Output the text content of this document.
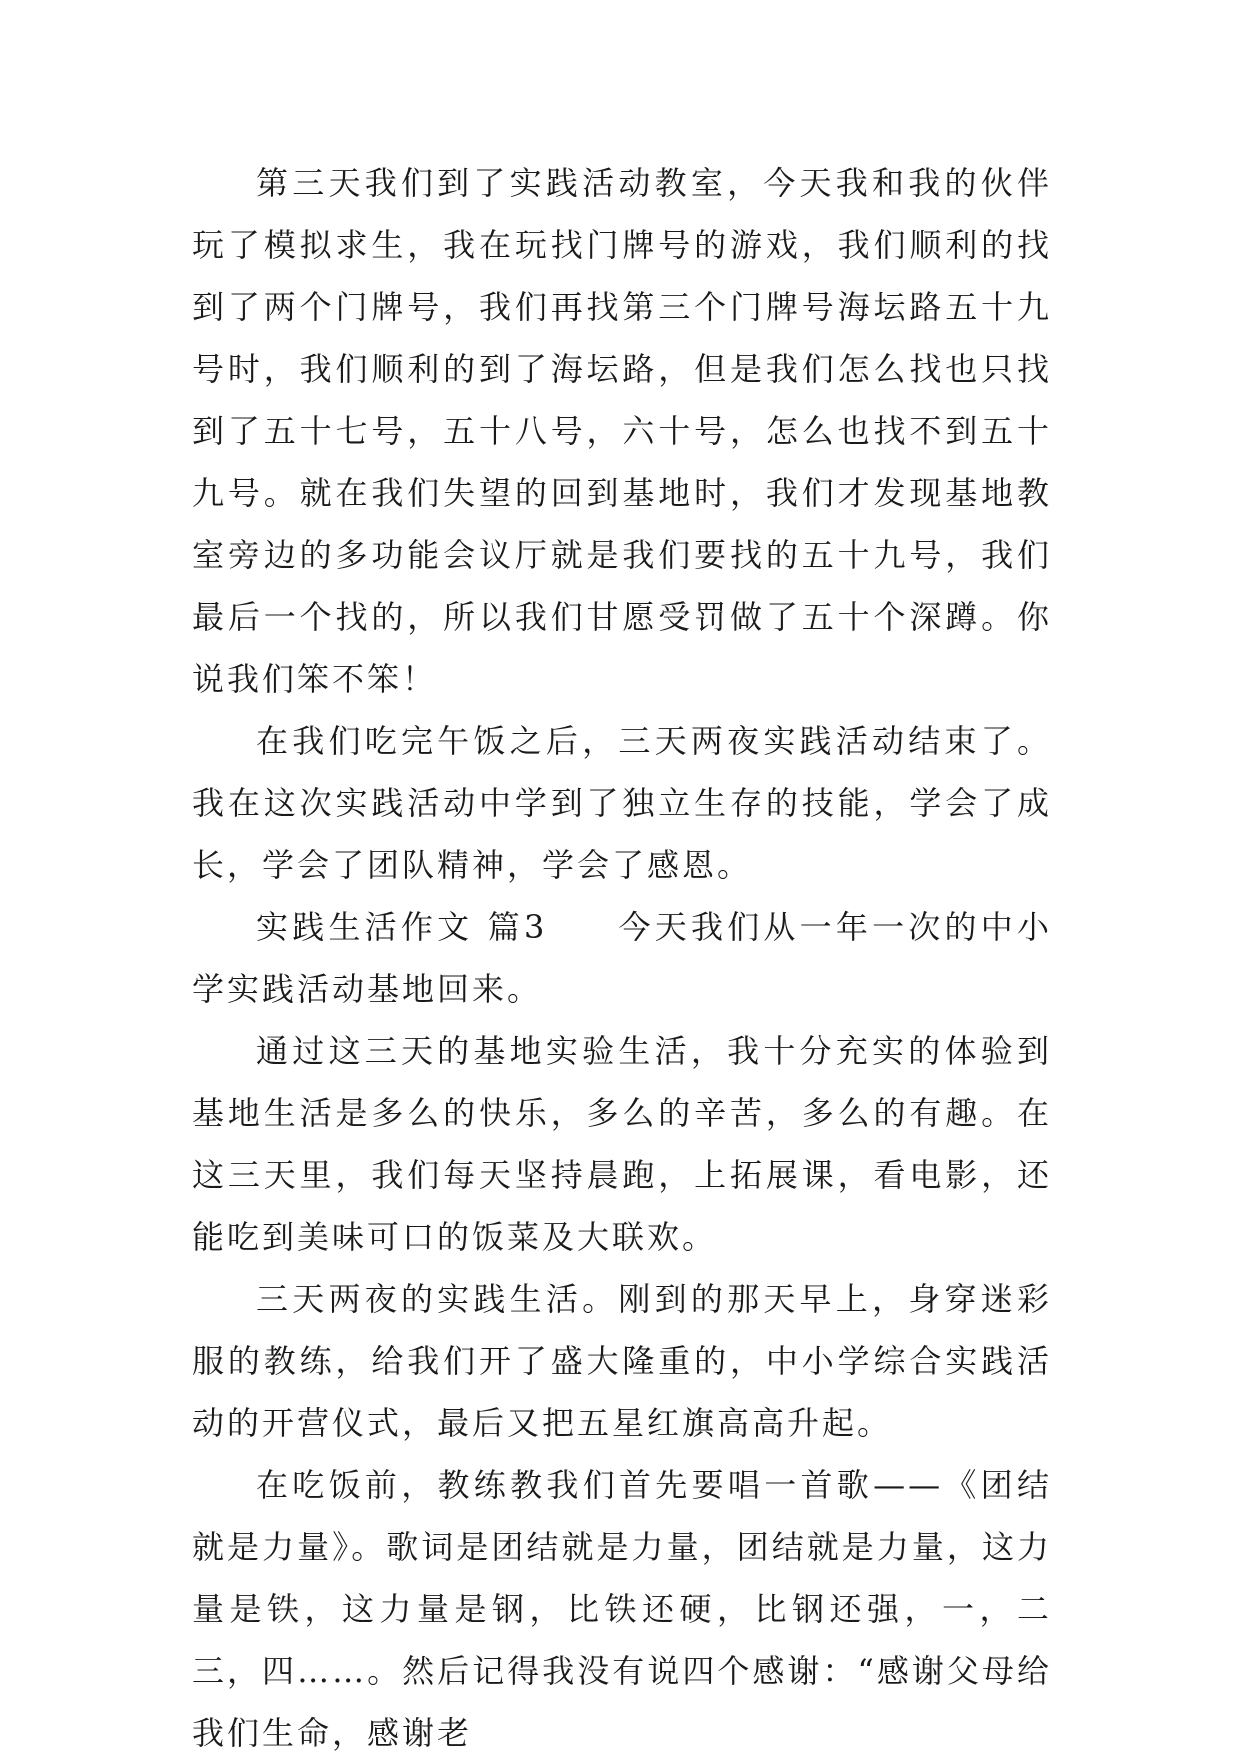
第三天我们到了实践活动教室，今天我和我的伙伴玩了模拟求生，我在玩找门牌号的游戏，我们顺利的找到了两个门牌号，我们再找第三个门牌号海坛路五十九号时，我们顺利的到了海坛路，但是我们怎么找也只找到了五十七号，五十八号，六十号，怎么也找不到五十九号。就在我们失望的回到基地时，我们才发现基地教室旁边的多功能会议厅就是我们要找的五十九号，我们最后一个找的，所以我们甘愿受罚做了五十个深蹲。你说我们笨不笨！

在我们吃完午饭之后，三天两夜实践活动结束了。我在这次实践活动中学到了独立生存的技能，学会了成长，学会了团队精神，学会了感恩。

实践生活作文 篇3 今天我们从一年一次的中小学实践活动基地回来。

通过这三天的基地实验生活，我十分充实的体验到基地生活是多么的快乐，多么的辛苦，多么的有趣。在这三天里，我们每天坚持晨跑，上拓展课，看电影，还能吃到美味可口的饭菜及大联欢。

三天两夜的实践生活。刚到的那天早上，身穿迷彩服的教练，给我们开了盛大隆重的，中小学综合实践活动的开营仪式，最后又把五星红旗高高升起。

在吃饭前，教练教我们首先要唱一首歌——《团结就是力量》。歌词是团结就是力量，团结就是力量，这力量是铁，这力量是钢，比铁还硬，比钢还强，一，二三，四……。然后记得我没有说四个感谢：“感谢父母给我们生命，感谢老
